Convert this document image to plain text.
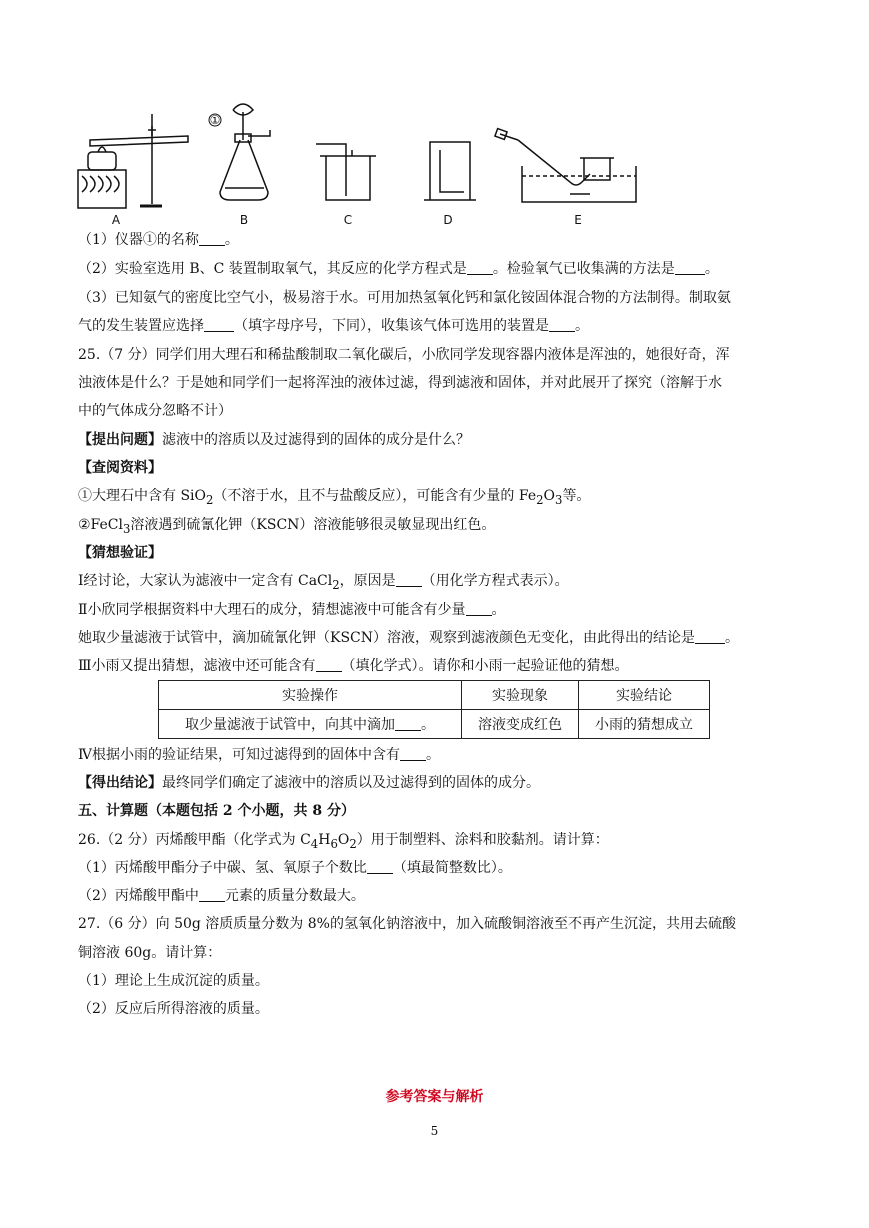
A
①
B	C	D	E
（1）仪器①的名称 。
（2）实验室选用 B、C 装置制取氧气，其反应的化学方程式是 。检验氧气已收集满的方法是 。
（3）已知氨气的密度比空气小，极易溶于水。可用加热氢氧化钙和氯化铵固体混合物的方法制得。制取氨
气的发生装置应选择 （填字母序号，下同），收集该气体可选用的装置是 。
25.（7 分）同学们用大理石和稀盐酸制取二氧化碳后，小欣同学发现容器内液体是浑浊的，她很好奇，浑
浊液体是什么？于是她和同学们一起将浑浊的液体过滤，得到滤液和固体，并对此展开了探究（溶解于水
中的气体成分忽略不计）
【提出问题】滤液中的溶质以及过滤得到的固体的成分是什么？
【查阅资料】
①大理石中含有 SiO$_2$（不溶于水，且不与盐酸反应），可能含有少量的 $Fe_2O_3$等。
②FeCl$_3$溶液遇到硫氰化钾（KSCN）溶液能够很灵敏显现出红色。
【猜想验证】
Ⅰ经讨论，大家认为滤液中一定含有 CaCl$_2$，原因是 （用化学方程式表示）。
Ⅱ小欣同学根据资料中大理石的成分，猜想滤液中可能含有少量 。
她取少量滤液于试管中，滴加硫氰化钾（KSCN）溶液，观察到滤液颜色无变化，由此得出的结论是 。
Ⅲ小雨又提出猜想，滤液中还可能含有 （填化学式）。请你和小雨一起验证他的猜想。
实验操作	实验现象	实验结论
取少量滤液于试管中，向其中滴加 。	溶液变成红色	小雨的猜想成立
Ⅳ根据小雨的验证结果，可知过滤得到的固体中含有 。
【得出结论】最终同学们确定了滤液中的溶质以及过滤得到的固体的成分。
五、计算题（本题包括 2 个小题，共 8 分）
26.（2 分）丙烯酸甲酯（化学式为 $C_4H_6O_2$）用于制塑料、涂料和胶黏剂。请计算：
（1）丙烯酸甲酯分子中碳、氢、氧原子个数比 （填最简整数比）。
（2）丙烯酸甲酯中 元素的质量分数最大。
27.（6 分）向 50g 溶质质量分数为 8%的氢氧化钠溶液中，加入硫酸铜溶液至不再产生沉淀，共用去硫酸
铜溶液 60g。请计算：
（1）理论上生成沉淀的质量。
（2）反应后所得溶液的质量。
参考答案与解析
5
